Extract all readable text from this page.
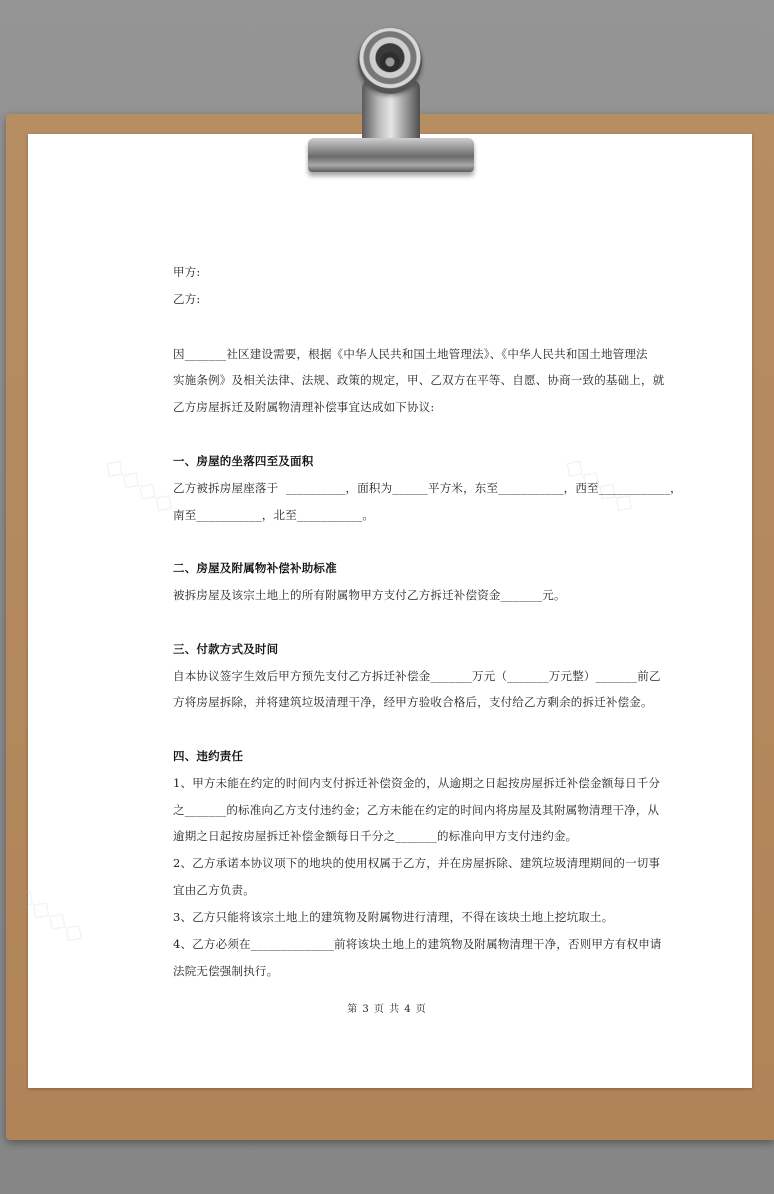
◇◇◇◇	◇◇◇◇
◇◇◇◇
甲方:
乙方:
因_______社区建设需要，根据《中华人民共和国土地管理法》、《中华人民共和国土地管理法
实施条例》及相关法律、法规、政策的规定，甲、乙双方在平等、自愿、协商一致的基础上，就
乙方房屋拆迁及附属物清理补偿事宜达成如下协议:
一、房屋的坐落四至及面积
乙方被拆房屋座落于  __________，面积为______平方米，东至___________，西至____________，
南至___________，北至___________。
二、房屋及附属物补偿补助标准
被拆房屋及该宗土地上的所有附属物甲方支付乙方拆迁补偿资金_______元。
三、付款方式及时间
自本协议签字生效后甲方预先支付乙方拆迁补偿金_______万元（_______万元整）_______前乙
方将房屋拆除，并将建筑垃圾清理干净，经甲方验收合格后，支付给乙方剩余的拆迁补偿金。
四、违约责任
1、甲方未能在约定的时间内支付拆迁补偿资金的，从逾期之日起按房屋拆迁补偿金额每日千分
之_______的标准向乙方支付违约金；乙方未能在约定的时间内将房屋及其附属物清理干净，从
逾期之日起按房屋拆迁补偿金额每日千分之_______的标准向甲方支付违约金。
2、乙方承诺本协议项下的地块的使用权属于乙方，并在房屋拆除、建筑垃圾清理期间的一切事
宜由乙方负责。
3、乙方只能将该宗土地上的建筑物及附属物进行清理，不得在该块土地上挖坑取土。
4、乙方必须在______________前将该块土地上的建筑物及附属物清理干净，否则甲方有权申请
法院无偿强制执行。
第 3 页 共 4 页
